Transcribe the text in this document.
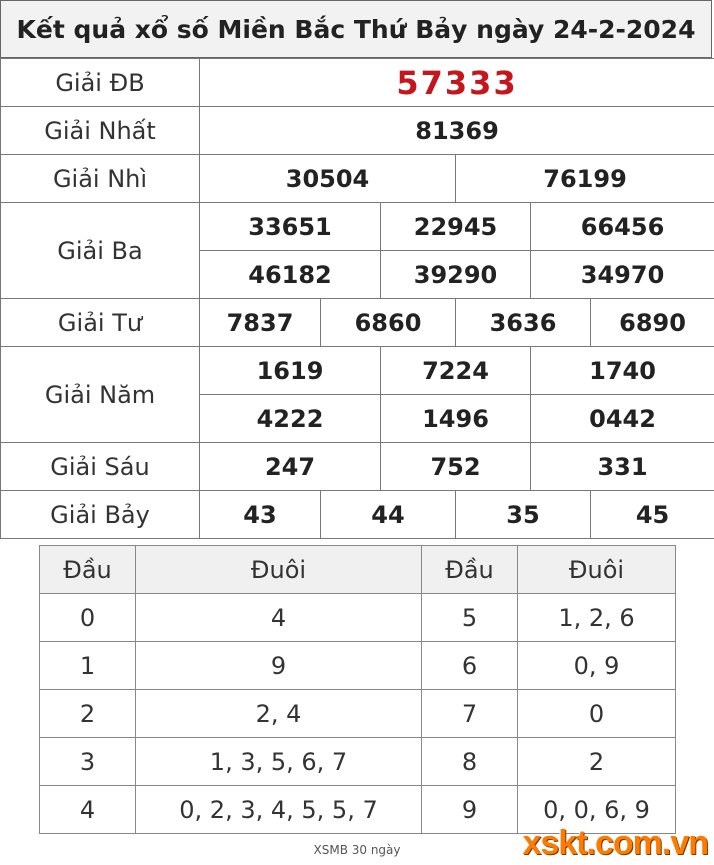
Kết quả xổ số Miền Bắc Thứ Bảy ngày 24-2-2024
Giải ĐB	57333					
Giải Nhất	81369					
Giải Nhì	30504			76199		
Giải Ba	33651		22945		66456	
	46182		39290		34970	
Giải Tư	7837	6860		3636		6890
Giải Năm	1619		7224		1740	
	4222		1496		0442	
Giải Sáu	247		752		331	
Giải Bảy	43	44		35		45
Đầu	Đuôi	Đầu	Đuôi
0	4	5	1, 2, 6
1	9	6	0, 9
2	2, 4	7	0
3	1, 3, 5, 6, 7	8	2
4	0, 2, 3, 4, 5, 5, 7	9	0, 0, 6, 9
XSMB 30 ngày	xskt.com.vn
